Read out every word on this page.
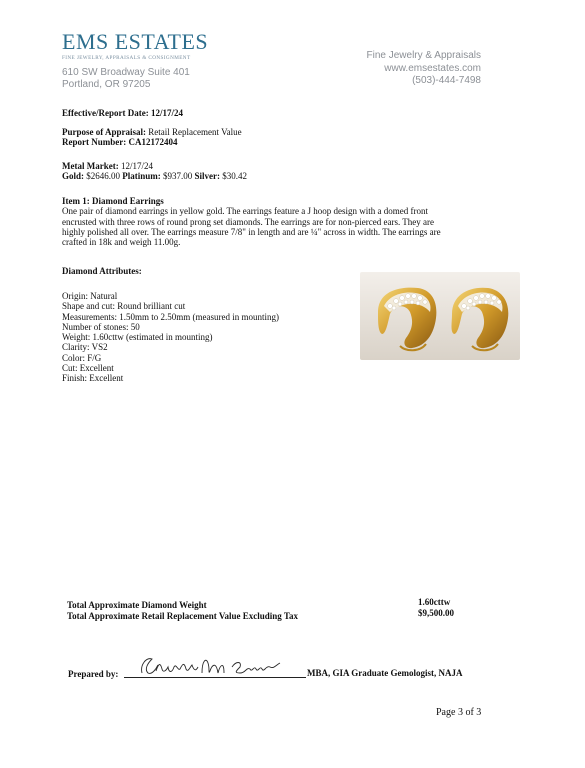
EMS ESTATES
FINE JEWELRY, APPRAISALS & CONSIGNMENT
610 SW Broadway Suite 401
Portland, OR 97205
Fine Jewelry & Appraisals
www.emsestates.com
(503)-444-7498
Effective/Report Date: 12/17/24
Purpose of Appraisal: Retail Replacement Value
Report Number: CA12172404
Metal Market: 12/17/24
Gold: $2646.00 Platinum: $937.00 Silver: $30.42
Item 1: Diamond Earrings
One pair of diamond earrings in yellow gold. The earrings feature a J hoop design with a domed front
encrusted with three rows of round prong set diamonds. The earrings are for non-pierced ears. They are
highly polished all over. The earrings measure 7/8" in length and are ¼" across in width. The earrings are
crafted in 18k and weigh 11.00g.
Diamond Attributes:
Origin: Natural
Shape and cut: Round brilliant cut
Measurements: 1.50mm to 2.50mm (measured in mounting)
Number of stones: 50
Weight: 1.60cttw (estimated in mounting)
Clarity: VS2
Color: F/G
Cut: Excellent
Finish: Excellent
Total Approximate Diamond Weight
Total Approximate Retail Replacement Value Excluding Tax
1.60cttw
$9,500.00
Prepared by:	MBA, GIA Graduate Gemologist, NAJA
Page 3 of 3
